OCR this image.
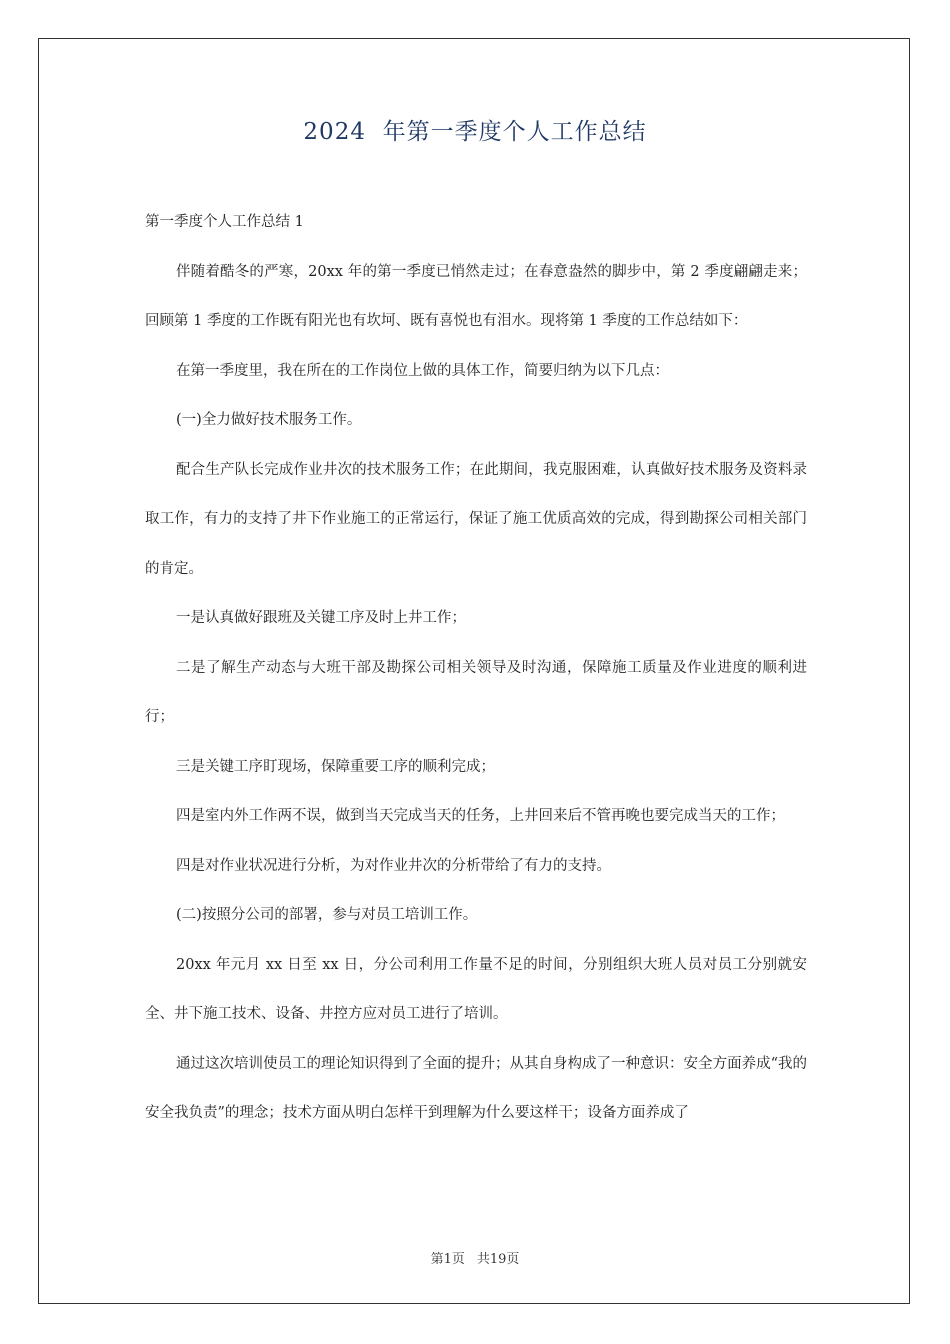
2024  年第一季度个人工作总结

第一季度个人工作总结 1

伴随着酷冬的严寒，20xx 年的第一季度已悄然走过；在春意盎然的脚步中，第 2 季度翩翩走来；回顾第 1 季度的工作既有阳光也有坎坷、既有喜悦也有泪水。现将第 1 季度的工作总结如下：

在第一季度里，我在所在的工作岗位上做的具体工作，简要归纳为以下几点：

(一)全力做好技术服务工作。

配合生产队长完成作业井次的技术服务工作；在此期间，我克服困难，认真做好技术服务及资料录取工作，有力的支持了井下作业施工的正常运行，保证了施工优质高效的完成，得到勘探公司相关部门的肯定。

一是认真做好跟班及关键工序及时上井工作；

二是了解生产动态与大班干部及勘探公司相关领导及时沟通，保障施工质量及作业进度的顺利进行；

三是关键工序盯现场，保障重要工序的顺利完成；

四是室内外工作两不误，做到当天完成当天的任务，上井回来后不管再晚也要完成当天的工作；

四是对作业状况进行分析，为对作业井次的分析带给了有力的支持。

(二)按照分公司的部署，参与对员工培训工作。

20xx 年元月 xx 日至 xx 日，分公司利用工作量不足的时间，分别组织大班人员对员工分别就安全、井下施工技术、设备、井控方应对员工进行了培训。

通过这次培训使员工的理论知识得到了全面的提升；从其自身构成了一种意识：安全方面养成“我的安全我负责”的理念；技术方面从明白怎样干到理解为什么要这样干；设备方面养成了

第1页 共19页
